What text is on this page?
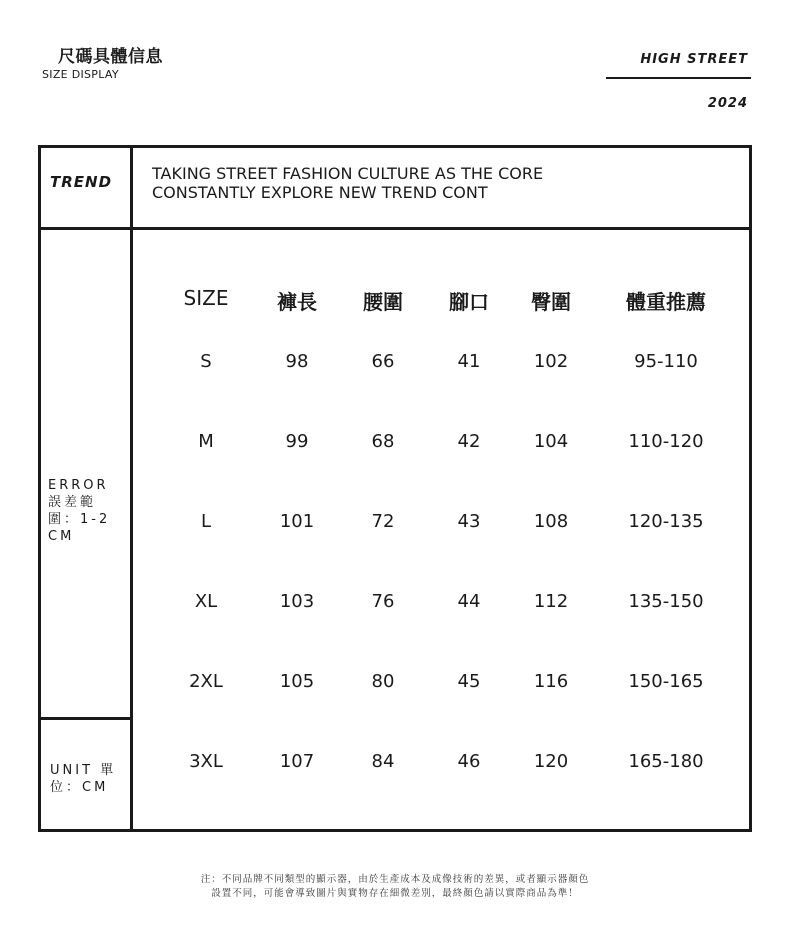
尺碼具體信息
SIZE DISPLAY
HIGH STREET
2024
TREND TAKING STREET FASHION CULTURE AS THE CORE
CONSTANTLY EXPLORE NEW TREND CONT
ERROR 誤差範圍：1-2CM
UNIT 單位：CM
SIZE 褲長 腰圍 腳口 臀圍	體重推薦
S	98	66	41	102	95-110
M	99	68	42	104	110-120
L	101	72	43	108	120-135
XL	103	76	44	112	135-150
2XL	105	80	45	116	150-165
3XL	107	84	46	120	165-180
注：不同品牌不同類型的顯示器，由於生產成本及成像技術的差異，或者顯示器顏色
設置不同，可能會導致圖片與實物存在細微差別，最終顏色請以實際商品為準！
